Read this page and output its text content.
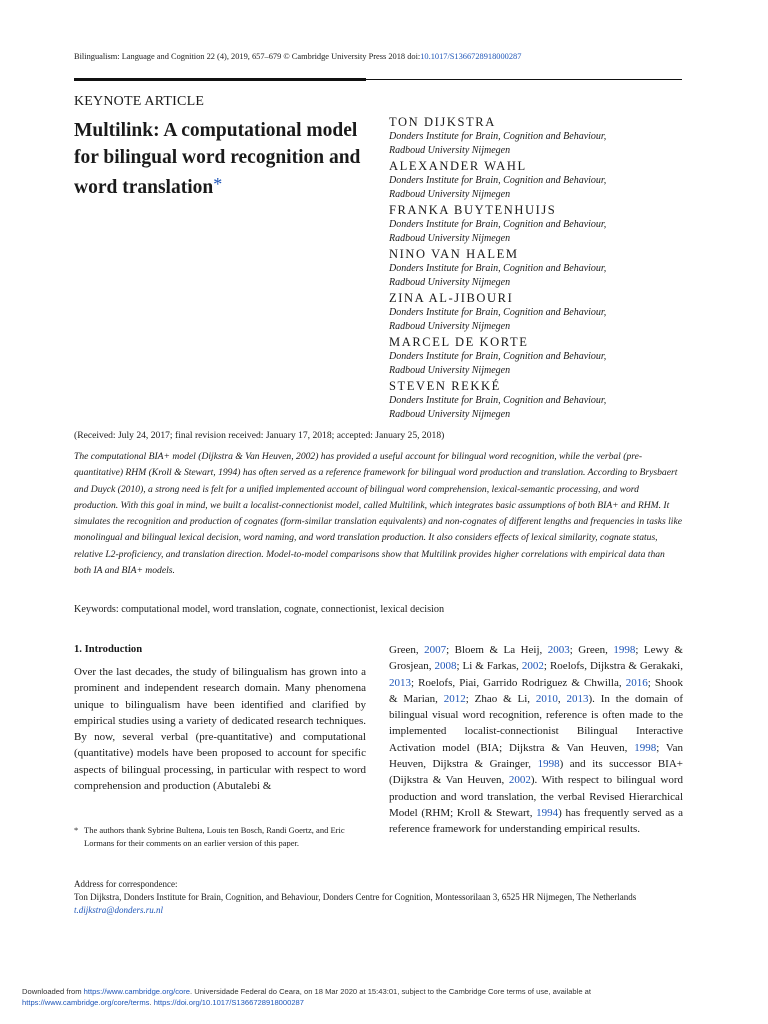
Bilingualism: Language and Cognition 22 (4), 2019, 657–679 © Cambridge University Press 2018 doi:10.1017/S1366728918000287
KEYNOTE ARTICLE
Multilink: A computational model for bilingual word recognition and word translation*
TON DIJKSTRA
Donders Institute for Brain, Cognition and Behaviour,
Radboud University Nijmegen
ALEXANDER WAHL
Donders Institute for Brain, Cognition and Behaviour,
Radboud University Nijmegen
FRANKA BUYTENHUIJS
Donders Institute for Brain, Cognition and Behaviour,
Radboud University Nijmegen
NINO VAN HALEM
Donders Institute for Brain, Cognition and Behaviour,
Radboud University Nijmegen
ZINA AL-JIBOURI
Donders Institute for Brain, Cognition and Behaviour,
Radboud University Nijmegen
MARCEL DE KORTE
Donders Institute for Brain, Cognition and Behaviour,
Radboud University Nijmegen
STEVEN REKKÉ
Donders Institute for Brain, Cognition and Behaviour,
Radboud University Nijmegen
(Received: July 24, 2017; final revision received: January 17, 2018; accepted: January 25, 2018)

The computational BIA+ model (Dijkstra & Van Heuven, 2002) has provided a useful account for bilingual word recognition, while the verbal (pre-quantitative) RHM (Kroll & Stewart, 1994) has often served as a reference framework for bilingual word production and translation. According to Brysbaert and Duyck (2010), a strong need is felt for a unified implemented account of bilingual word comprehension, lexical-semantic processing, and word production. With this goal in mind, we built a localist-connectionist model, called Multilink, which integrates basic assumptions of both BIA+ and RHM. It simulates the recognition and production of cognates (form-similar translation equivalents) and non-cognates of different lengths and frequencies in tasks like monolingual and bilingual lexical decision, word naming, and word translation production. It also considers effects of lexical similarity, cognate status, relative L2-proficiency, and translation direction. Model-to-model comparisons show that Multilink provides higher correlations with empirical data than both IA and BIA+ models.

Keywords: computational model, word translation, cognate, connectionist, lexical decision
1. Introduction

Over the last decades, the study of bilingualism has grown into a prominent and independent research domain. Many phenomena unique to bilingualism have been identified and clarified by empirical studies using a variety of dedicated research techniques. By now, several verbal (pre-quantitative) and computational (quantitative) models have been proposed to account for specific aspects of bilingual processing, in particular with respect to word comprehension and production (Abutalebi &

Green, 2007; Bloem & La Heij, 2003; Green, 1998; Lewy & Grosjean, 2008; Li & Farkas, 2002; Roelofs, Dijkstra & Gerakaki, 2013; Roelofs, Piai, Garrido Rodriguez & Chwilla, 2016; Shook & Marian, 2012; Zhao & Li, 2010, 2013). In the domain of bilingual visual word recognition, reference is often made to the implemented localist-connectionist Bilingual Interactive Activation model (BIA; Dijkstra & Van Heuven, 1998; Van Heuven, Dijkstra & Grainger, 1998) and its successor BIA+ (Dijkstra & Van Heuven, 2002). With respect to bilingual word production and word translation, the verbal Revised Hierarchical Model (RHM; Kroll & Stewart, 1994) has frequently served as a reference framework for understanding empirical results.

* The authors thank Sybrine Bultena, Louis ten Bosch, Randi Goertz, and Eric Lormans for their comments on an earlier version of this paper.
Address for correspondence:
Ton Dijkstra, Donders Institute for Brain, Cognition, and Behaviour, Donders Centre for Cognition, Montessorilaan 3, 6525 HR Nijmegen, The Netherlands
t.dijkstra@donders.ru.nl
Downloaded from https://www.cambridge.org/core. Universidade Federal do Ceara, on 18 Mar 2020 at 15:43:01, subject to the Cambridge Core terms of use, available at
https://www.cambridge.org/core/terms. https://doi.org/10.1017/S1366728918000287
